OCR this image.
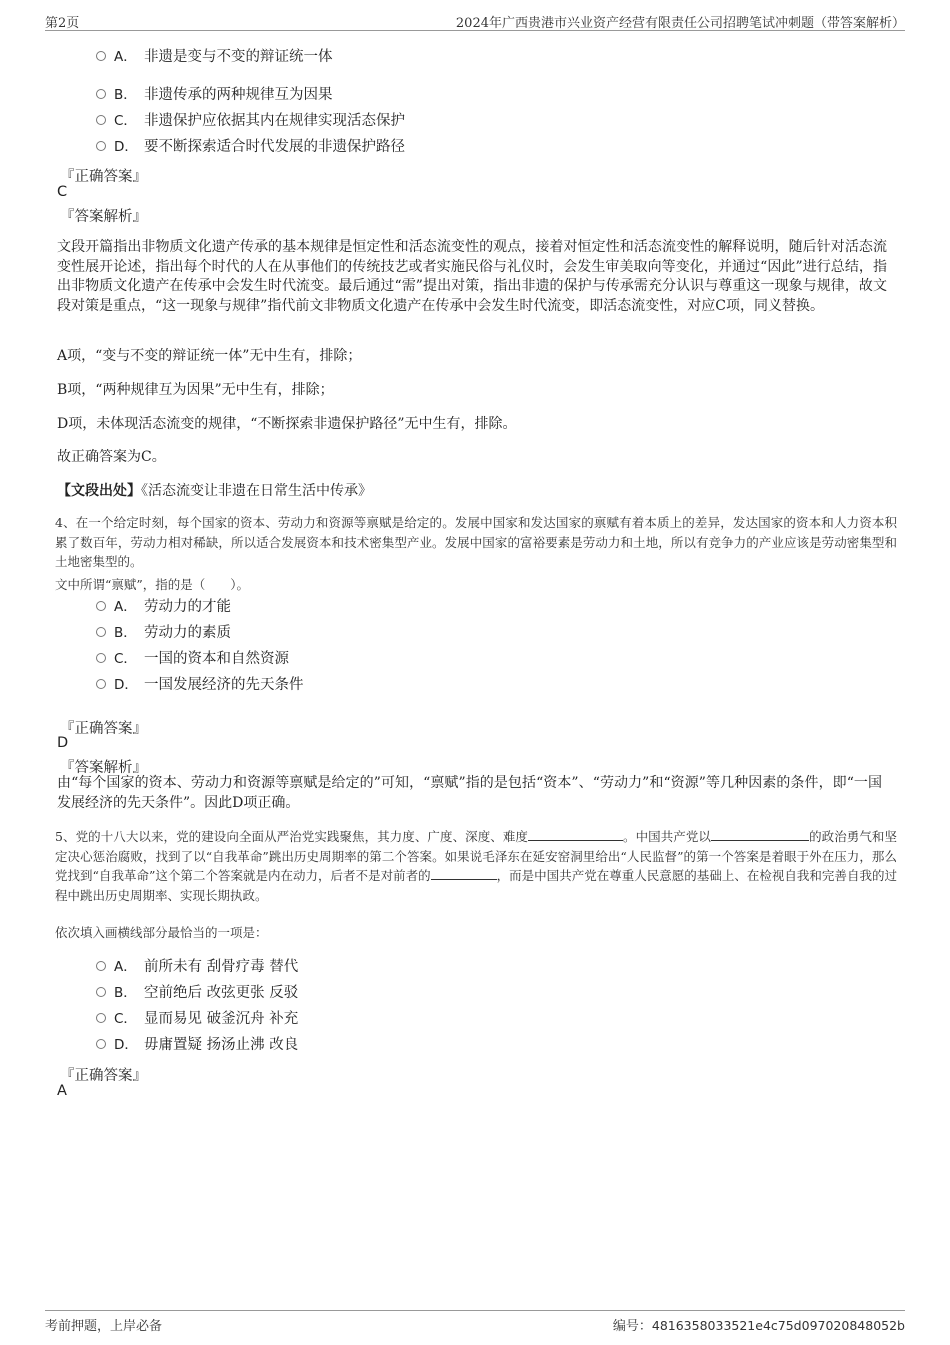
第2页	2024年广西贵港市兴业资产经营有限责任公司招聘笔试冲刺题（带答案解析）
A． 非遗是变与不变的辩证统一体
B． 非遗传承的两种规律互为因果
C． 非遗保护应依据其内在规律实现活态保护
D． 要不断探索适合时代发展的非遗保护路径
『正确答案』
C
『答案解析』
文段开篇指出非物质文化遗产传承的基本规律是恒定性和活态流变性的观点，接着对恒定性和活态流变性的解释说明，随后针对活态流变性展开论述，指出每个时代的人在从事他们的传统技艺或者实施民俗与礼仪时，会发生审美取向等变化，并通过“因此”进行总结，指出非物质文化遗产在传承中会发生时代流变。最后通过“需”提出对策，指出非遗的保护与传承需充分认识与尊重这一现象与规律，故文段对策是重点，“这一现象与规律”指代前文非物质文化遗产在传承中会发生时代流变，即活态流变性，对应C项，同义替换。
A项，“变与不变的辩证统一体”无中生有，排除；
B项，“两种规律互为因果”无中生有，排除；
D项，未体现活态流变的规律，“不断探索非遗保护路径”无中生有，排除。
故正确答案为C。
【文段出处】《活态流变让非遗在日常生活中传承》
4、在一个给定时刻，每个国家的资本、劳动力和资源等禀赋是给定的。发展中国家和发达国家的禀赋有着本质上的差异，发达国家的资本和人力资本积累了数百年，劳动力相对稀缺，所以适合发展资本和技术密集型产业。发展中国家的富裕要素是劳动力和土地，所以有竞争力的产业应该是劳动密集型和土地密集型的。
文中所谓“禀赋”，指的是（　　）。
A． 劳动力的才能
B． 劳动力的素质
C． 一国的资本和自然资源
D． 一国发展经济的先天条件
『正确答案』
D
『答案解析』
由“每个国家的资本、劳动力和资源等禀赋是给定的”可知，“禀赋”指的是包括“资本”、“劳动力”和“资源”等几种因素的条件，即“一国发展经济的先天条件”。因此D项正确。
5、党的十八大以来，党的建设向全面从严治党实践聚焦，其力度、广度、深度、难度	。中国共产党以	的政治勇气和坚定决心惩治腐败，找到了以“自我革命”跳出历史周期率的第二个答案。如果说毛泽东在延安窑洞里给出“人民监督”的第一个答案是着眼于外在压力，那么党找到“自我革命”这个第二个答案就是内在动力，后者不是对前者的	，而是中国共产党在尊重人民意愿的基础上、在检视自我和完善自我的过程中跳出历史周期率、实现长期执政。
依次填入画横线部分最恰当的一项是：
A． 前所未有 刮骨疗毒 替代
B． 空前绝后 改弦更张 反驳
C． 显而易见 破釜沉舟 补充
D． 毋庸置疑 扬汤止沸 改良
『正确答案』
A
考前押题，上岸必备	编号：4816358033521e4c75d097020848052b
